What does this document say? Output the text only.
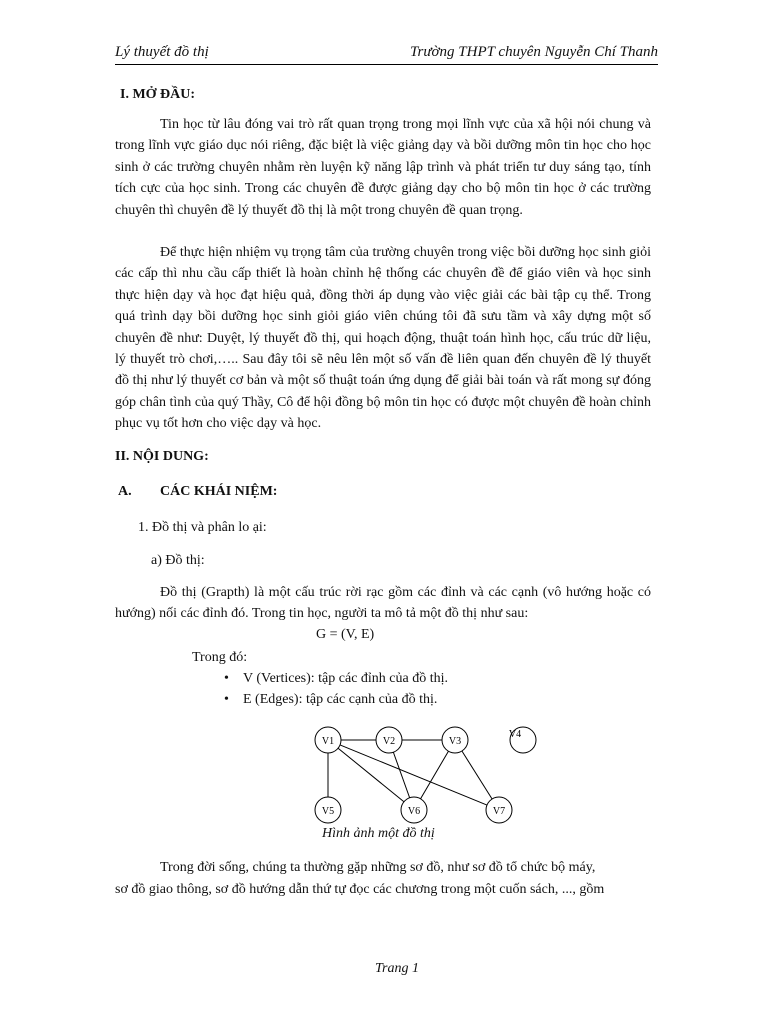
Lý thuyết đồ thị	Trường THPT chuyên Nguyễn Chí Thanh
I. MỞ ĐẦU:
Tin học từ lâu đóng vai trò rất quan trọng trong mọi lĩnh vực của xã hội nói chung và trong lĩnh vực giáo dục nói riêng, đặc biệt là việc giảng dạy và bồi dưỡng môn tin học cho học sinh ở các trường chuyên nhằm rèn luyện kỹ năng lập trình và phát triển tư duy sáng tạo, tính tích cực của học sinh. Trong các chuyên đề được giảng dạy cho bộ môn tin học ở các trường chuyên thì chuyên đề lý thuyết đồ thị là một trong chuyên đề quan trọng.
Để thực hiện nhiệm vụ trọng tâm của trường chuyên trong việc bồi dưỡng học sinh giỏi các cấp thì nhu cầu cấp thiết là hoàn chỉnh hệ thống các chuyên đề để giáo viên và học sinh thực hiện dạy và học đạt hiệu quả, đồng thời áp dụng vào việc giải các bài tập cụ thể. Trong quá trình dạy bồi dưỡng học sinh giỏi giáo viên chúng tôi đã sưu tầm và xây dựng một số chuyên đề như: Duyệt, lý thuyết đồ thị, qui hoạch động, thuật toán hình học, cấu trúc dữ liệu, lý thuyết trò chơi,….. Sau đây tôi sẽ nêu lên một số vấn đề liên quan đến chuyên đề lý thuyết đồ thị như lý thuyết cơ bản và một số thuật toán ứng dụng để giải bài toán và rất mong sự đóng góp chân tình của quý Thầy, Cô để hội đồng bộ môn tin học có được một chuyên đề hoàn chỉnh phục vụ tốt hơn cho việc dạy và học.
II. NỘI DUNG:
A. CÁC KHÁI NIỆM:
1. Đồ thị và phân lo ại:
a) Đồ thị:
Đồ thị (Grapth) là một cấu trúc rời rạc gồm các đỉnh và các cạnh (vô hướng hoặc có hướng) nối các đỉnh đó. Trong tin học, người ta mô tả một đồ thị như sau:
G = (V, E)
Trong đó:
• V (Vertices): tập các đỉnh của đồ thị.
• E (Edges): tập các cạnh của đồ thị.
V1	V2	V3
V4
V5	V6	V7
Hình ảnh một đồ thị
Trong đời sống, chúng ta thường gặp những sơ đồ, như sơ đồ tổ chức bộ máy,
sơ đồ giao thông, sơ đồ hướng dẫn thứ tự đọc các chương trong một cuốn sách, ..., gồm
Trang 1
